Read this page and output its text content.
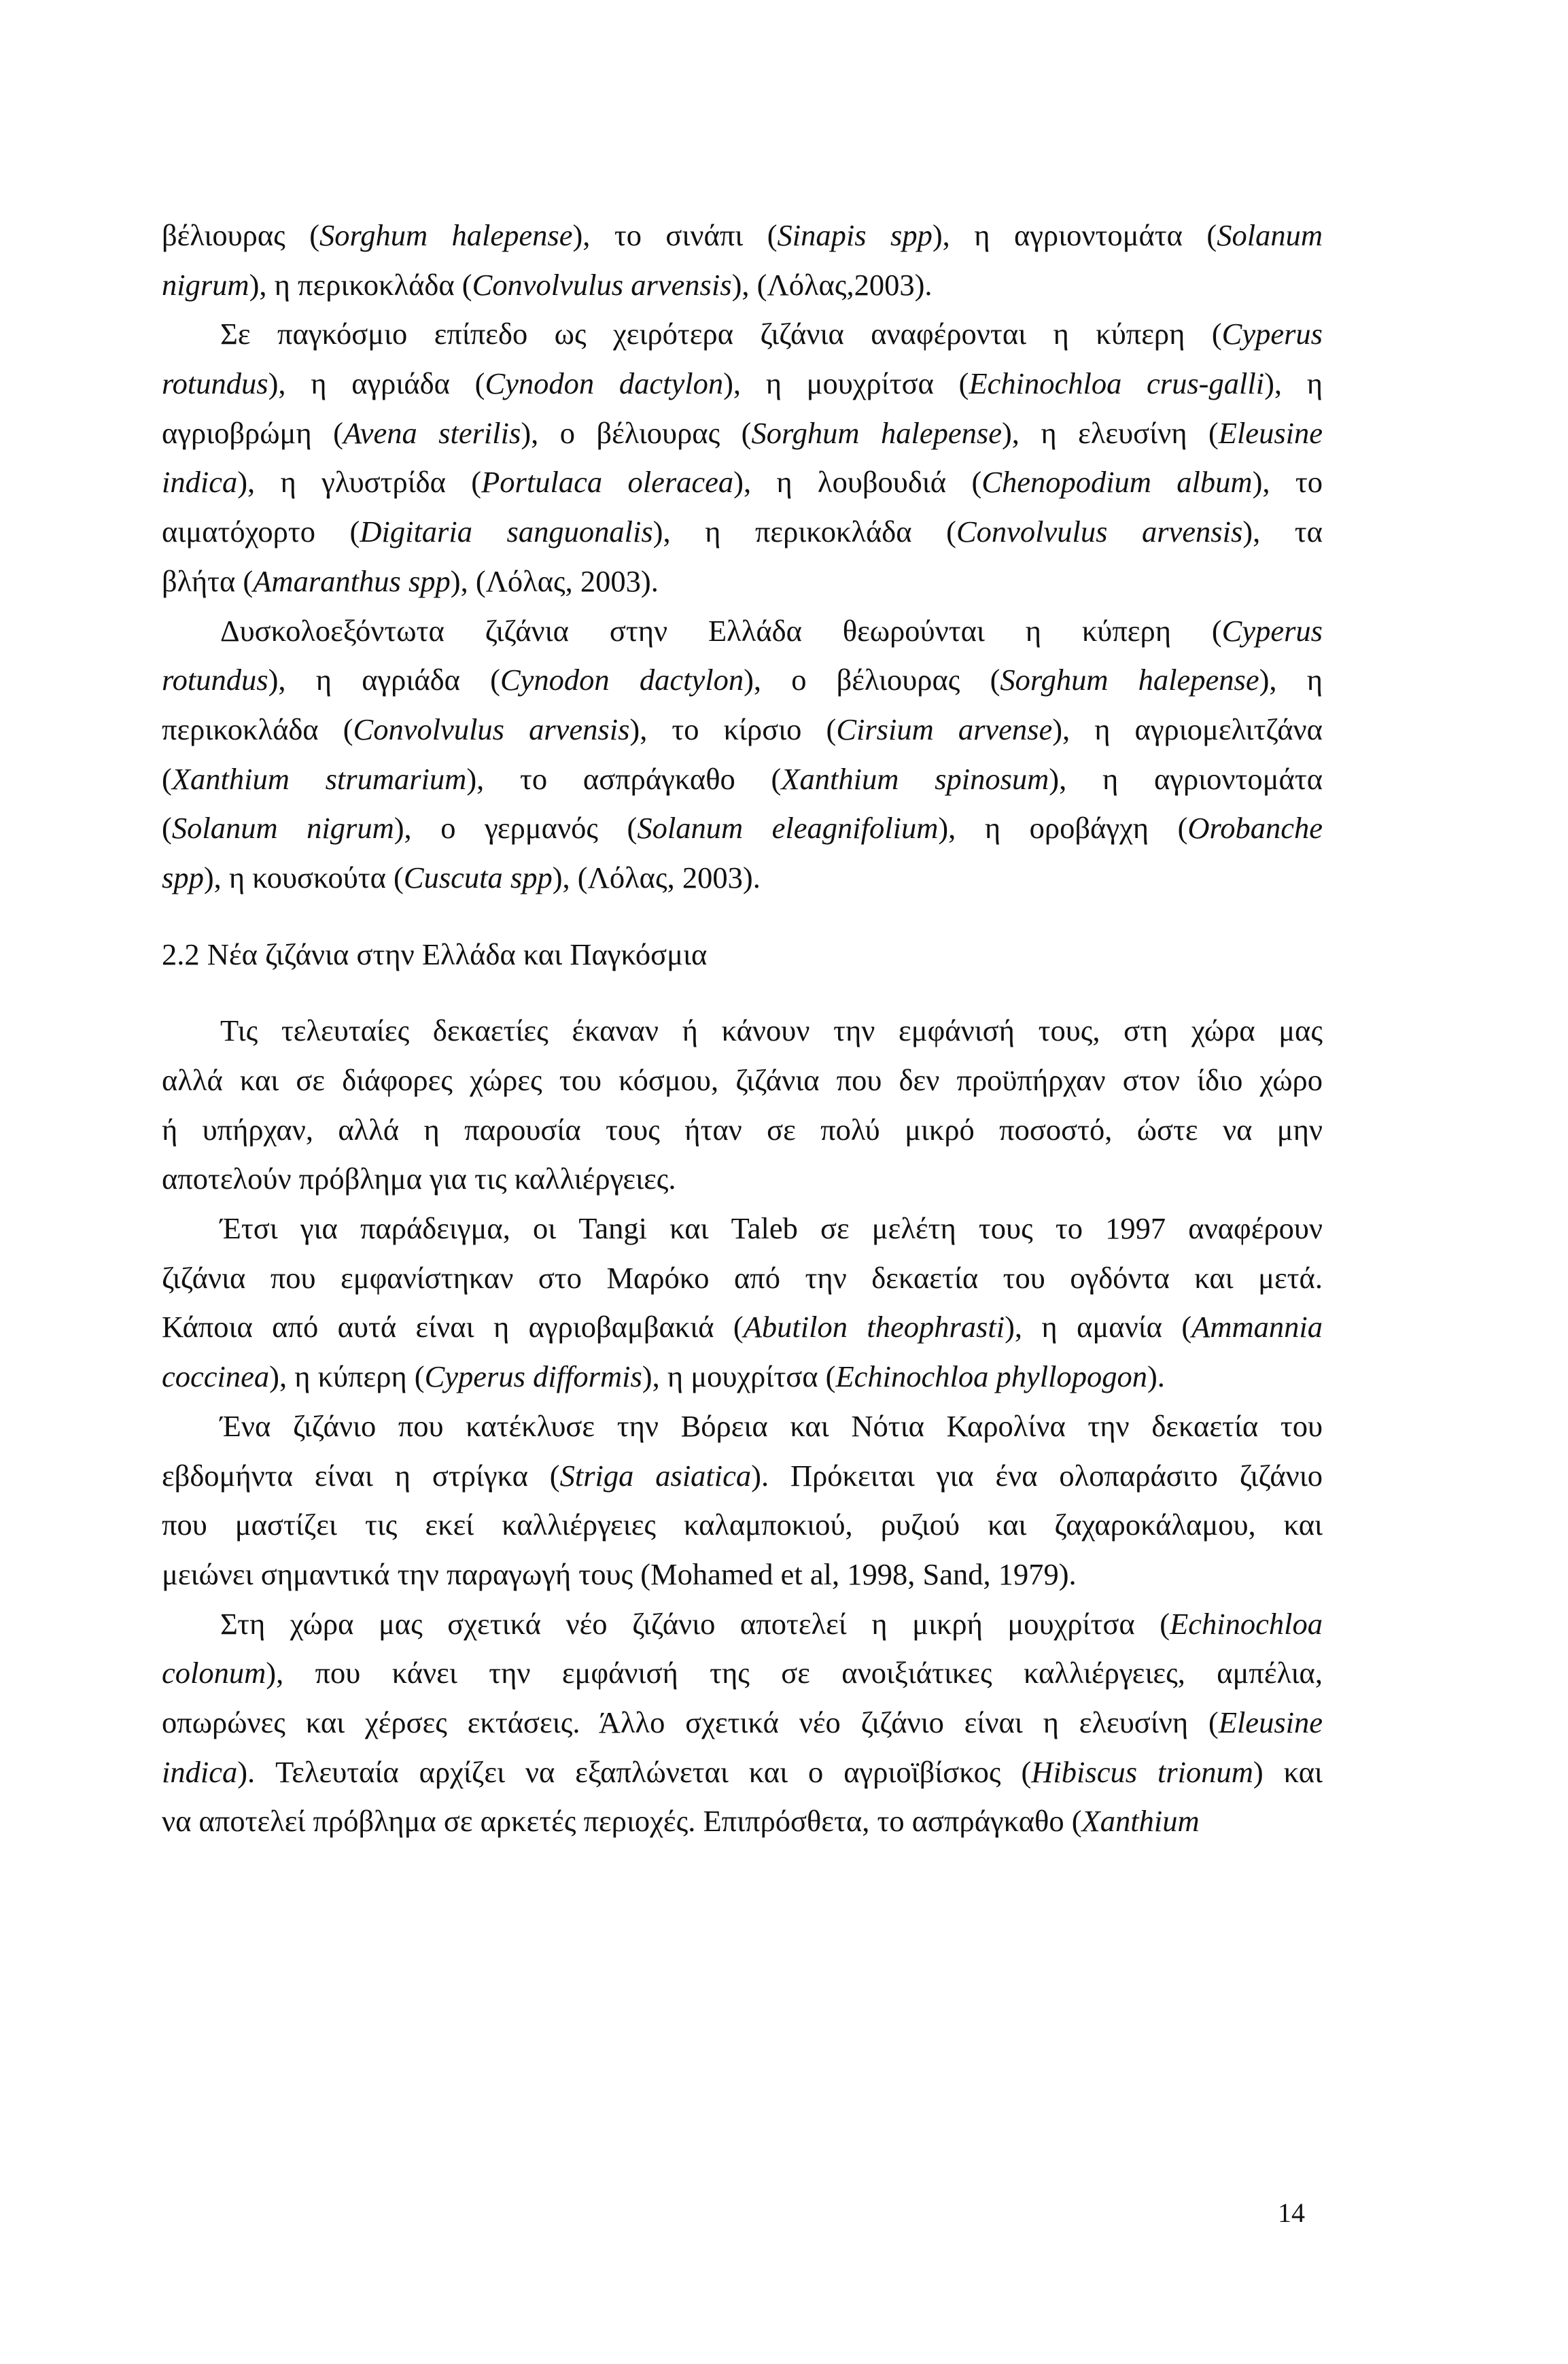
βέλιουρας (Sorghum halepense), το σινάπι (Sinapis spp), η αγριοντομάτα (Solanum
nigrum), η περικοκλάδα (Convolvulus arvensis), (Λόλας,2003).
Σε παγκόσμιο επίπεδο ως χειρότερα ζιζάνια αναφέρονται η κύπερη (Cyperus
rotundus), η αγριάδα (Cynodon dactylon), η μουχρίτσα (Echinochloa crus-galli), η
αγριοβρώμη (Avena sterilis), ο βέλιουρας (Sorghum halepense), η ελευσίνη (Eleusine
indica), η γλυστρίδα (Portulaca oleracea), η λουβουδιά (Chenopodium album), το
αιματόχορτο (Digitaria sanguonalis), η περικοκλάδα (Convolvulus arvensis), τα
βλήτα (Amaranthus spp), (Λόλας, 2003).
Δυσκολοεξόντωτα ζιζάνια στην Ελλάδα θεωρούνται η κύπερη (Cyperus
rotundus), η αγριάδα (Cynodon dactylon), ο βέλιουρας (Sorghum halepense), η
περικοκλάδα (Convolvulus arvensis), το κίρσιο (Cirsium arvense), η αγριομελιτζάνα
(Xanthium strumarium), το ασπράγκαθο (Xanthium spinosum), η αγριοντομάτα
(Solanum nigrum), ο γερμανός (Solanum eleagnifolium), η οροβάγχη (Orobanche
spp), η κουσκούτα (Cuscuta spp), (Λόλας, 2003).
2.2 Νέα ζιζάνια στην Ελλάδα και Παγκόσμια
Τις τελευταίες δεκαετίες έκαναν ή κάνουν την εμφάνισή τους, στη χώρα μας
αλλά και σε διάφορες χώρες του κόσμου, ζιζάνια που δεν προϋπήρχαν στον ίδιο χώρο
ή υπήρχαν, αλλά η παρουσία τους ήταν σε πολύ μικρό ποσοστό, ώστε να μην
αποτελούν πρόβλημα για τις καλλιέργειες.
Έτσι για παράδειγμα, οι Tangi και Taleb σε μελέτη τους το 1997 αναφέρουν
ζιζάνια που εμφανίστηκαν στο Μαρόκο από την δεκαετία του ογδόντα και μετά.
Κάποια από αυτά είναι η αγριοβαμβακιά (Abutilon theophrasti), η αμανία (Ammannia
coccinea), η κύπερη (Cyperus difformis), η μουχρίτσα (Echinochloa phyllopogon).
Ένα ζιζάνιο που κατέκλυσε την Βόρεια και Νότια Καρολίνα την δεκαετία του
εβδομήντα είναι η στρίγκα (Striga asiatica). Πρόκειται για ένα ολοπαράσιτο ζιζάνιο
που μαστίζει τις εκεί καλλιέργειες καλαμποκιού, ρυζιού και ζαχαροκάλαμου, και
μειώνει σημαντικά την παραγωγή τους (Mohamed et al, 1998, Sand, 1979).
Στη χώρα μας σχετικά νέο ζιζάνιο αποτελεί η μικρή μουχρίτσα (Echinochloa
colonum), που κάνει την εμφάνισή της σε ανοιξιάτικες καλλιέργειες, αμπέλια,
οπωρώνες και χέρσες εκτάσεις. Άλλο σχετικά νέο ζιζάνιο είναι η ελευσίνη (Eleusine
indica). Τελευταία αρχίζει να εξαπλώνεται και ο αγριοϊβίσκος (Hibiscus trionum) και
να αποτελεί πρόβλημα σε αρκετές περιοχές. Επιπρόσθετα, το ασπράγκαθο (Xanthium
14
